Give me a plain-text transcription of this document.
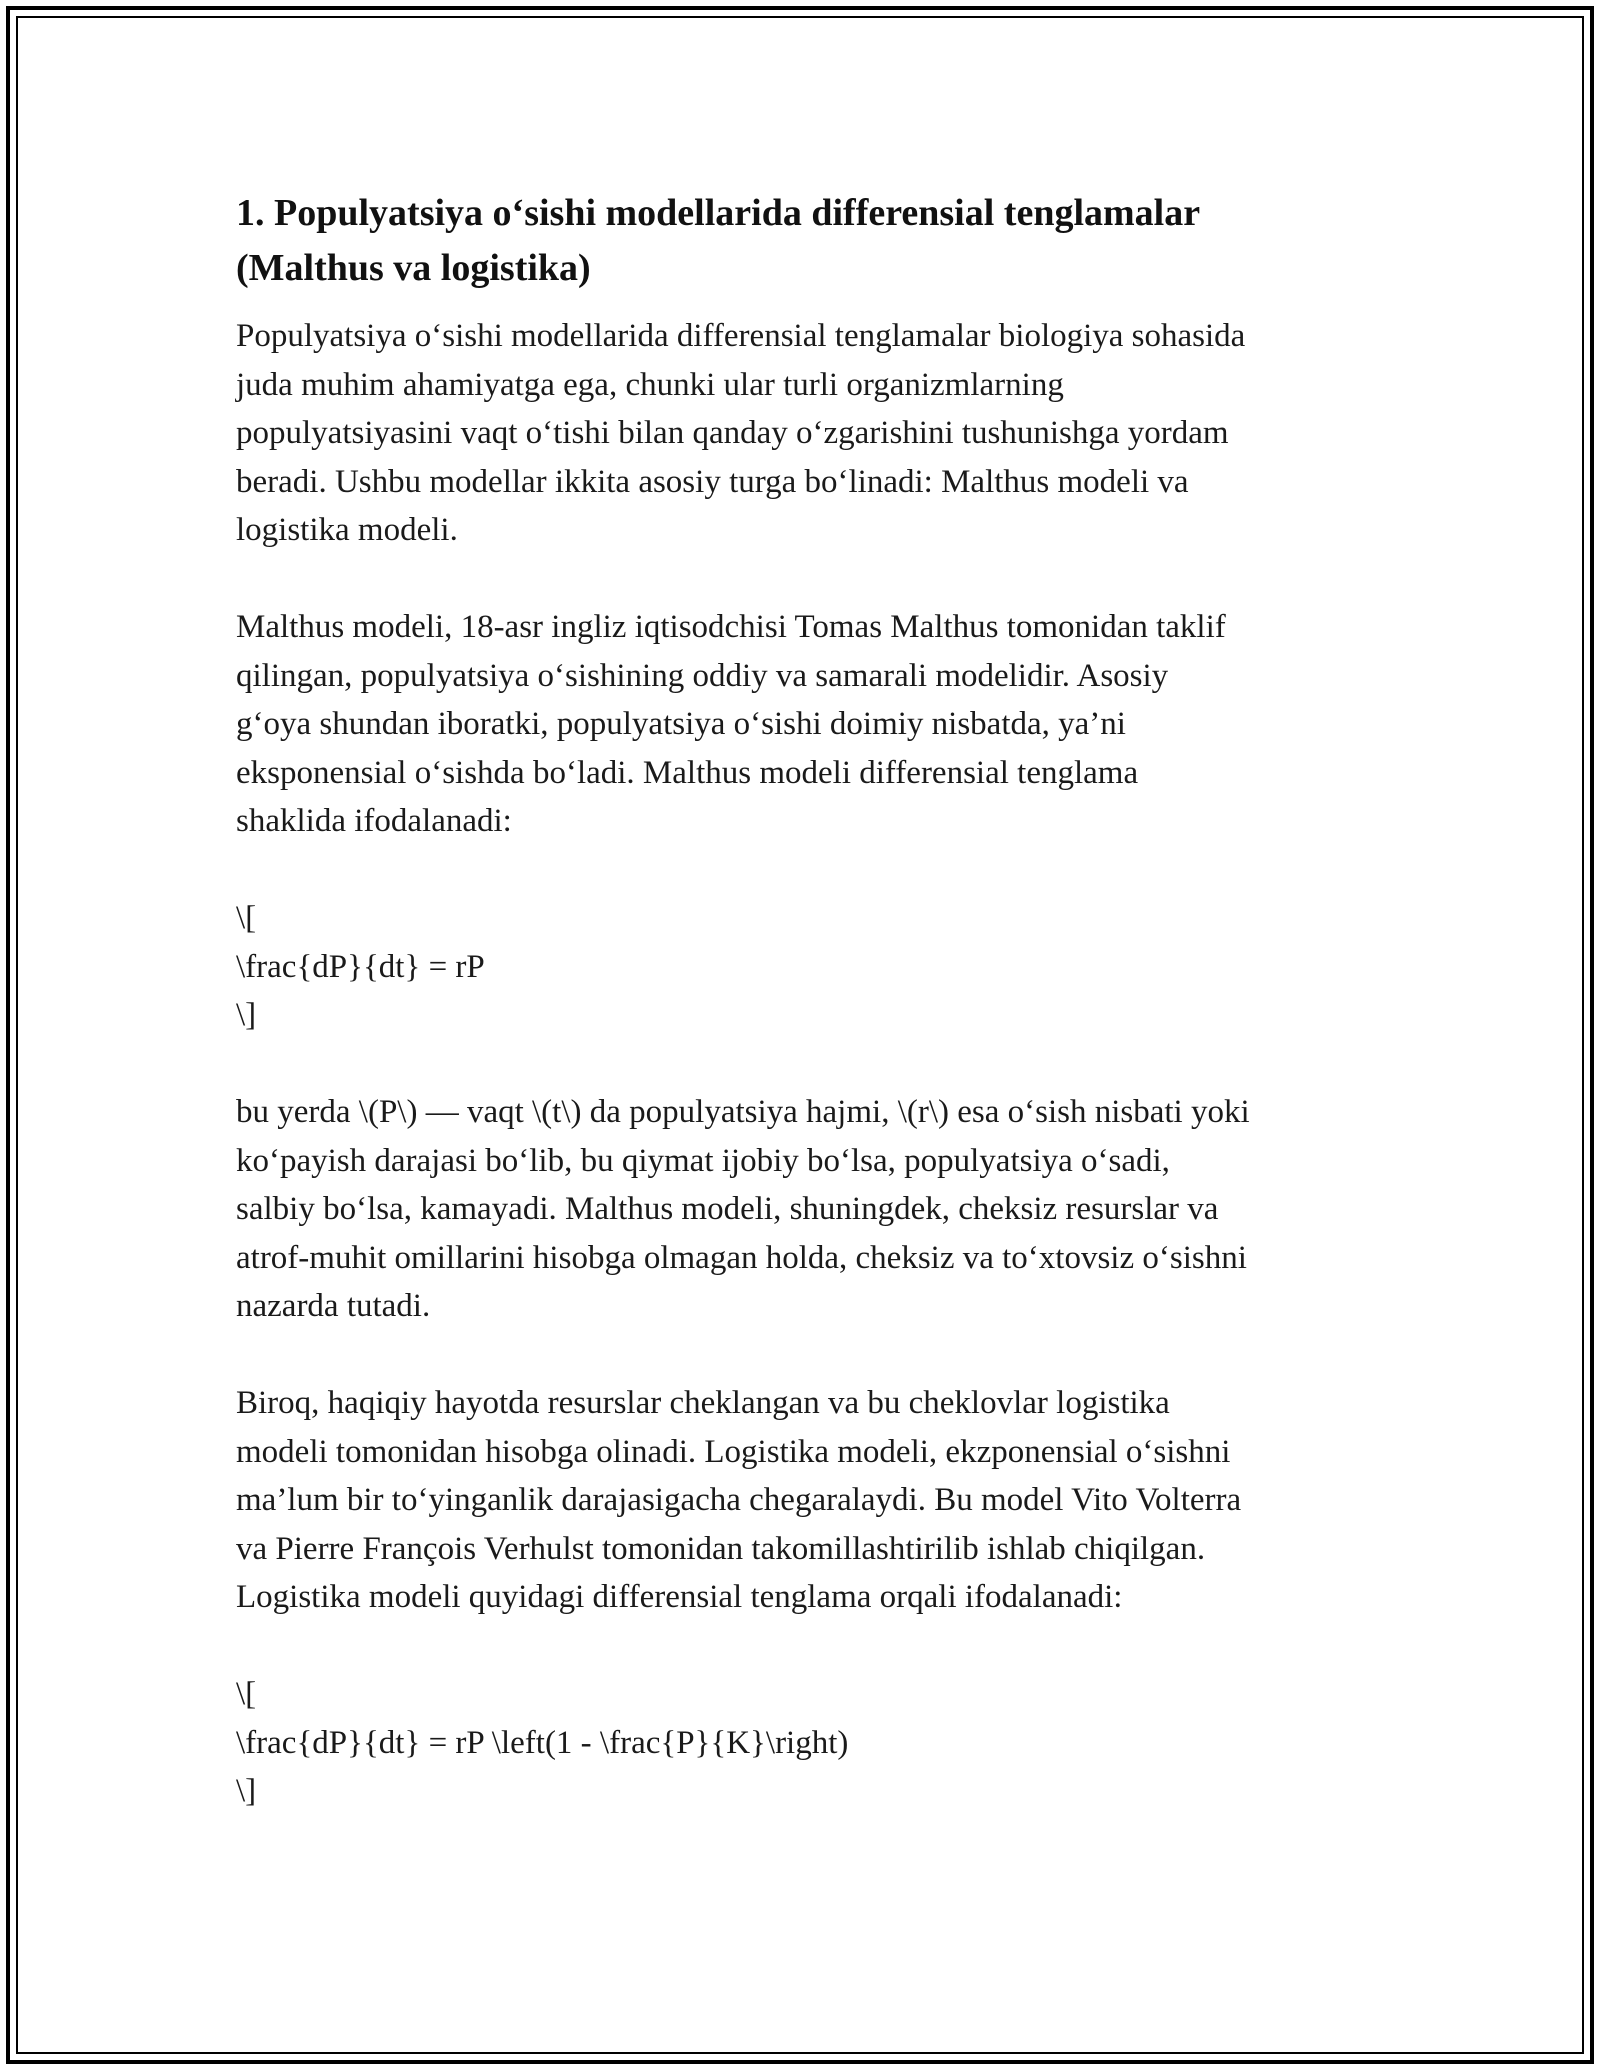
1. Populyatsiya o‘sishi modellarida differensial tenglamalar
(Malthus va logistika)

Populyatsiya o‘sishi modellarida differensial tenglamalar biologiya sohasida
juda muhim ahamiyatga ega, chunki ular turli organizmlarning
populyatsiyasini vaqt o‘tishi bilan qanday o‘zgarishini tushunishga yordam
beradi. Ushbu modellar ikkita asosiy turga bo‘linadi: Malthus modeli va
logistika modeli.

Malthus modeli, 18-asr ingliz iqtisodchisi Tomas Malthus tomonidan taklif
qilingan, populyatsiya o‘sishining oddiy va samarali modelidir. Asosiy
g‘oya shundan iboratki, populyatsiya o‘sishi doimiy nisbatda, ya’ni
eksponensial o‘sishda bo‘ladi. Malthus modeli differensial tenglama
shaklida ifodalanadi:

\[
\frac{dP}{dt} = rP
\]

bu yerda \(P\) — vaqt \(t\) da populyatsiya hajmi, \(r\) esa o‘sish nisbati yoki
ko‘payish darajasi bo‘lib, bu qiymat ijobiy bo‘lsa, populyatsiya o‘sadi,
salbiy bo‘lsa, kamayadi. Malthus modeli, shuningdek, cheksiz resurslar va
atrof-muhit omillarini hisobga olmagan holda, cheksiz va to‘xtovsiz o‘sishni
nazarda tutadi.

Biroq, haqiqiy hayotda resurslar cheklangan va bu cheklovlar logistika
modeli tomonidan hisobga olinadi. Logistika modeli, ekzponensial o‘sishni
ma’lum bir to‘yinganlik darajasigacha chegaralaydi. Bu model Vito Volterra
va Pierre François Verhulst tomonidan takomillashtirilib ishlab chiqilgan.
Logistika modeli quyidagi differensial tenglama orqali ifodalanadi:

\[
\frac{dP}{dt} = rP \left(1 - \frac{P}{K}\right)
\]
